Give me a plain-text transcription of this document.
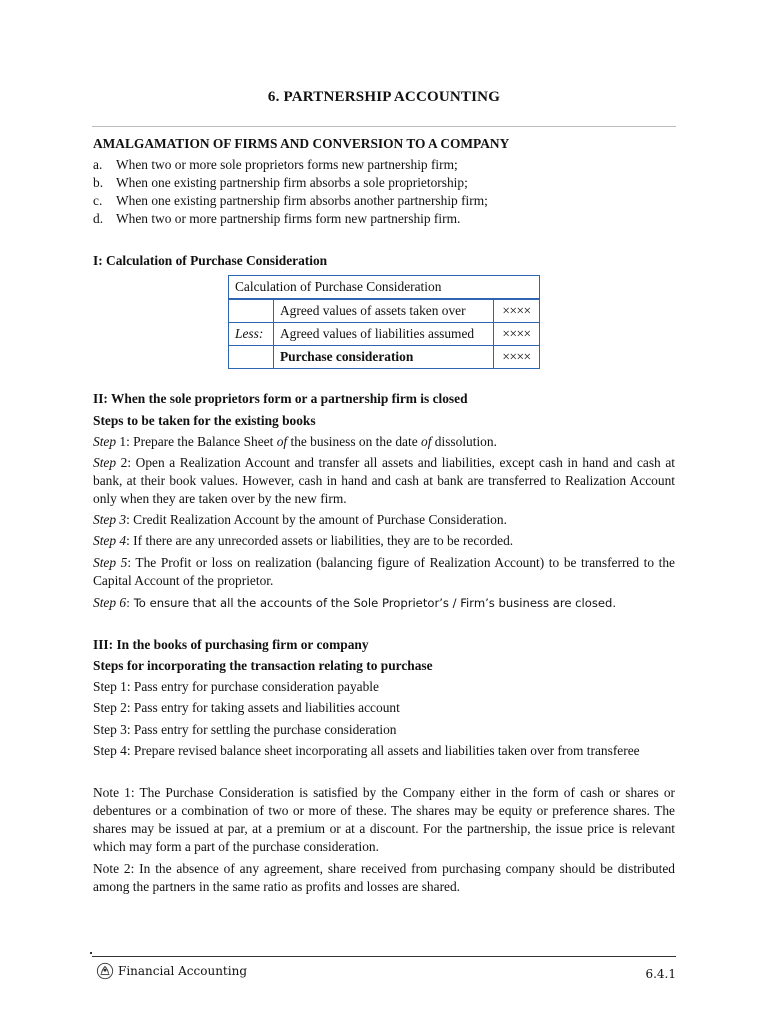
6. PARTNERSHIP ACCOUNTING
AMALGAMATION OF FIRMS AND CONVERSION TO A COMPANY
a. When two or more sole proprietors forms new partnership firm;
b. When one existing partnership firm absorbs a sole proprietorship;
c. When one existing partnership firm absorbs another partnership firm;
d. When two or more partnership firms form new partnership firm.
I: Calculation of Purchase Consideration
Calculation of Purchase Consideration		
	Agreed values of assets taken over	××××
Less:	Agreed values of liabilities assumed	××××
	Purchase consideration	××××
II: When the sole proprietors form or a partnership firm is closed
Steps to be taken for the existing books
Step 1: Prepare the Balance Sheet of the business on the date of dissolution.
Step 2: Open a Realization Account and transfer all assets and liabilities, except cash in hand and cash at bank, at their book values. However, cash in hand and cash at bank are transferred to Realization Account only when they are taken over by the new firm.
Step 3: Credit Realization Account by the amount of Purchase Consideration.
Step 4: If there are any unrecorded assets or liabilities, they are to be recorded.
Step 5: The Profit or loss on realization (balancing figure of Realization Account) to be transferred to the Capital Account of the proprietor.
Step 6: To ensure that all the accounts of the Sole Proprietor’s / Firm’s business are closed.
III: In the books of purchasing firm or company
Steps for incorporating the transaction relating to purchase
Step 1: Pass entry for purchase consideration payable
Step 2: Pass entry for taking assets and liabilities account
Step 3: Pass entry for settling the purchase consideration
Step 4: Prepare revised balance sheet incorporating all assets and liabilities taken over from transferee
Note 1: The Purchase Consideration is satisfied by the Company either in the form of cash or shares or debentures or a combination of two or more of these. The shares may be equity or preference shares. The shares may be issued at par, at a premium or at a discount. For the partnership, the issue price is relevant which may form a part of the purchase consideration.
Note 2: In the absence of any agreement, share received from purchasing company should be distributed among the partners in the same ratio as profits and losses are shared.
Financial Accounting	6.4.1
